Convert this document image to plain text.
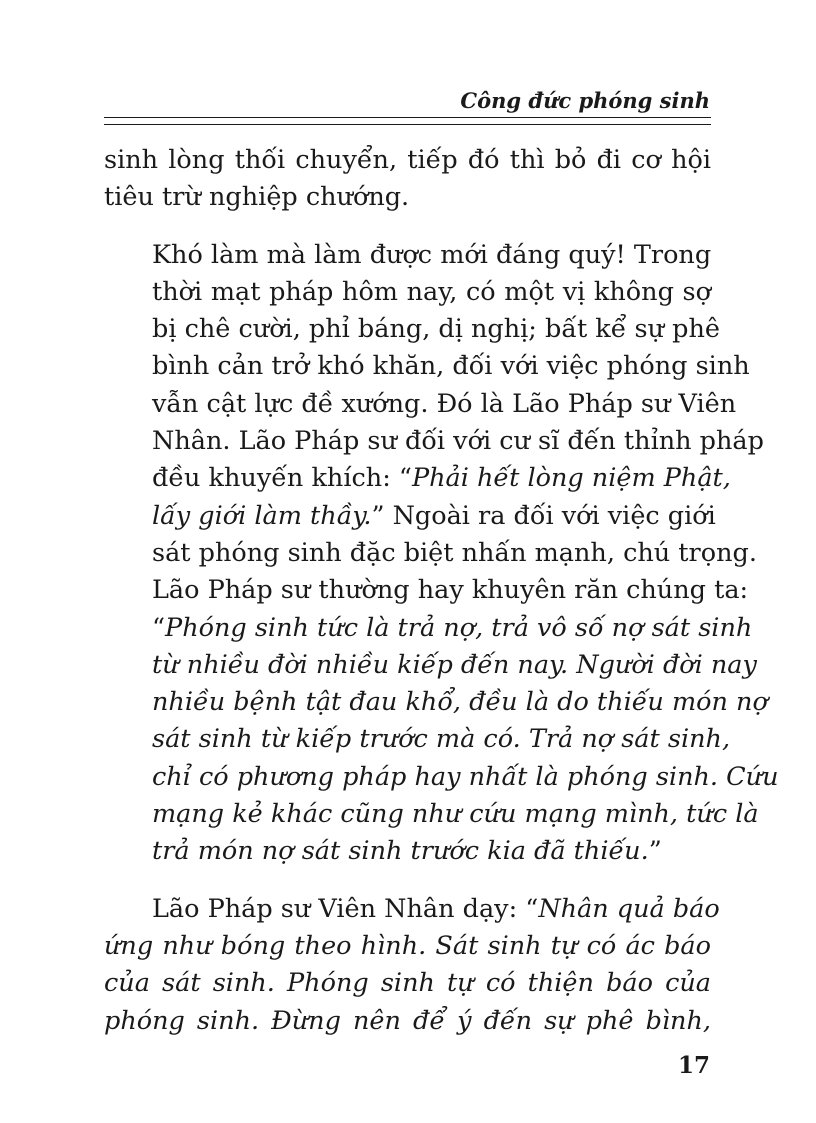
Công đức phóng sinh

sinh lòng thối chuyển, tiếp đó thì bỏ đi cơ hội
tiêu trừ nghiệp chướng.

Khó làm mà làm được mới đáng quý! Trong
thời mạt pháp hôm nay, có một vị không sợ
bị chê cười, phỉ báng, dị nghị; bất kể sự phê
bình cản trở khó khăn, đối với việc phóng sinh
vẫn cật lực đề xướng. Đó là Lão Pháp sư Viên
Nhân. Lão Pháp sư đối với cư sĩ đến thỉnh pháp
đều khuyến khích: “Phải hết lòng niệm Phật,
lấy giới làm thầy.” Ngoài ra đối với việc giới
sát phóng sinh đặc biệt nhấn mạnh, chú trọng.
Lão Pháp sư thường hay khuyên răn chúng ta:
“Phóng sinh tức là trả nợ, trả vô số nợ sát sinh
từ nhiều đời nhiều kiếp đến nay. Người đời nay
nhiều bệnh tật đau khổ, đều là do thiếu món nợ
sát sinh từ kiếp trước mà có. Trả nợ sát sinh,
chỉ có phương pháp hay nhất là phóng sinh. Cứu
mạng kẻ khác cũng như cứu mạng mình, tức là
trả món nợ sát sinh trước kia đã thiếu.”

Lão Pháp sư Viên Nhân dạy: “Nhân quả báo
ứng như bóng theo hình. Sát sinh tự có ác báo
của sát sinh. Phóng sinh tự có thiện báo của
phóng sinh. Đừng nên để ý đến sự phê bình,

17
